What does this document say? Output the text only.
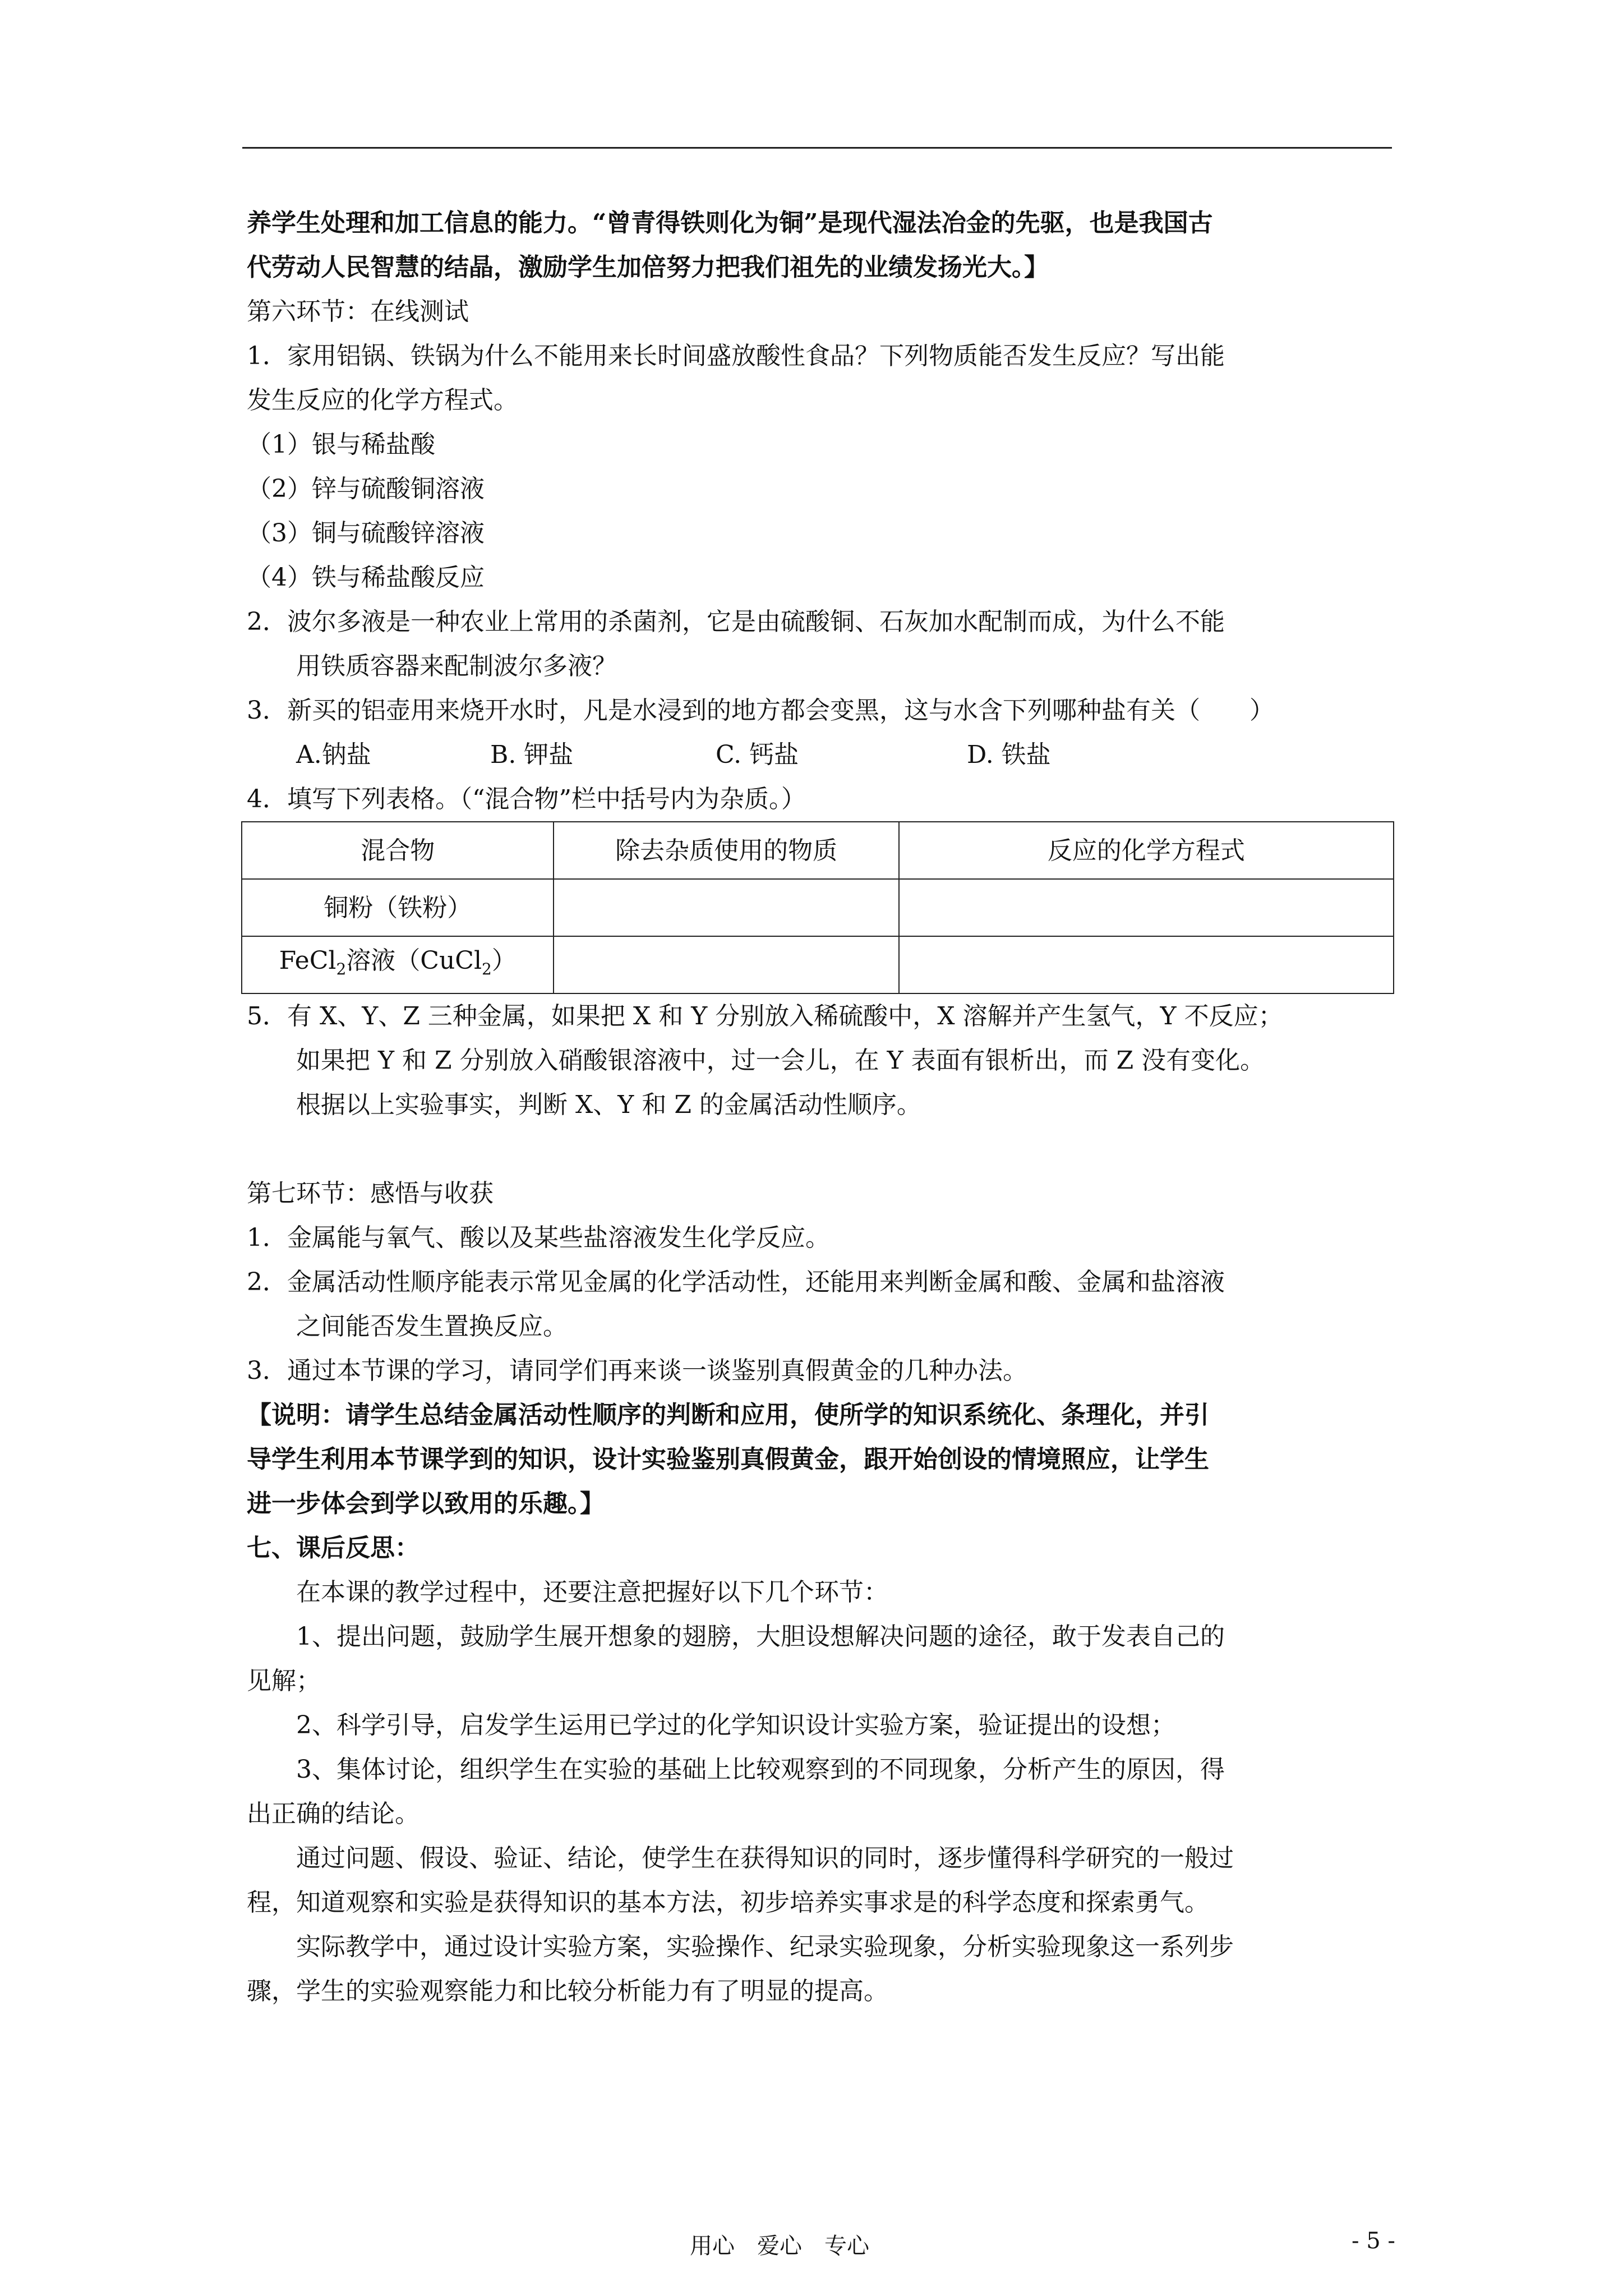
养学生处理和加工信息的能力。“曾青得铁则化为铜”是现代湿法冶金的先驱，也是我国古

代劳动人民智慧的结晶，激励学生加倍努力把我们祖先的业绩发扬光大。】

第六环节：在线测试

1．家用铝锅、铁锅为什么不能用来长时间盛放酸性食品？下列物质能否发生反应？写出能

发生反应的化学方程式。

（1）银与稀盐酸

（2）锌与硫酸铜溶液

（3）铜与硫酸锌溶液

（4）铁与稀盐酸反应

2．波尔多液是一种农业上常用的杀菌剂，它是由硫酸铜、石灰加水配制而成，为什么不能

用铁质容器来配制波尔多液？

3．新买的铝壶用来烧开水时，凡是水浸到的地方都会变黑，这与水含下列哪种盐有关（　　）

A.钠盐	B. 钾盐	C. 钙盐	D. 铁盐

4．填写下列表格。（“混合物”栏中括号内为杂质。）

混合物	除去杂质使用的物质	反应的化学方程式
铜粉（铁粉）		
FeCl$_2$溶液（CuCl$_2$）		

5．有 X、Y、Z 三种金属，如果把 X 和 Y 分别放入稀硫酸中，X 溶解并产生氢气，Y 不反应；

如果把 Y 和 Z 分别放入硝酸银溶液中，过一会儿，在 Y 表面有银析出，而 Z 没有变化。

根据以上实验事实，判断 X、Y 和 Z 的金属活动性顺序。

第七环节：感悟与收获

1．金属能与氧气、酸以及某些盐溶液发生化学反应。

2．金属活动性顺序能表示常见金属的化学活动性，还能用来判断金属和酸、金属和盐溶液

之间能否发生置换反应。

3．通过本节课的学习，请同学们再来谈一谈鉴别真假黄金的几种办法。

【说明：请学生总结金属活动性顺序的判断和应用，使所学的知识系统化、条理化，并引

导学生利用本节课学到的知识，设计实验鉴别真假黄金，跟开始创设的情境照应，让学生

进一步体会到学以致用的乐趣。】

七、课后反思：

在本课的教学过程中，还要注意把握好以下几个环节：

1、提出问题，鼓励学生展开想象的翅膀，大胆设想解决问题的途径，敢于发表自己的

见解；

2、科学引导，启发学生运用已学过的化学知识设计实验方案，验证提出的设想；

3、集体讨论，组织学生在实验的基础上比较观察到的不同现象，分析产生的原因，得

出正确的结论。

通过问题、假设、验证、结论，使学生在获得知识的同时，逐步懂得科学研究的一般过

程，知道观察和实验是获得知识的基本方法，初步培养实事求是的科学态度和探索勇气。

实际教学中，通过设计实验方案，实验操作、纪录实验现象，分析实验现象这一系列步

骤，学生的实验观察能力和比较分析能力有了明显的提高。

用心　爱心　专心	- 5 -
